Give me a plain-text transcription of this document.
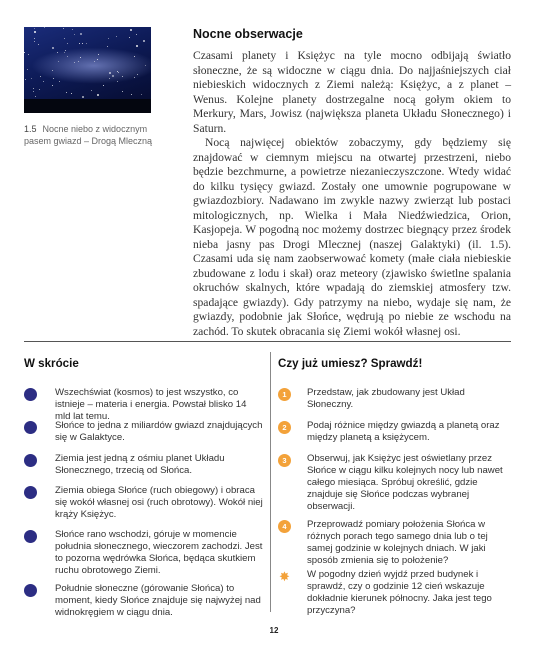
1.5 Nocne niebo z widocznym pasem gwiazd – Drogą Mleczną
Nocne obserwacje

Czasami planety i Księżyc na tyle mocno odbijają światło słoneczne, że są widoczne w ciągu dnia. Do najjaśniejszych ciał niebieskich widocznych z Ziemi należą: Księżyc, a z planet – Wenus. Kolejne planety dostrzegalne nocą gołym okiem to Merkury, Mars, Jowisz (największa planeta Układu Słonecznego) i Saturn.

Nocą najwięcej obiektów zobaczymy, gdy będziemy się znajdować w ciemnym miejscu na otwartej przestrzeni, niebo będzie bezchmurne, a powietrze niezanieczyszczone. Wtedy widać do kilku tysięcy gwiazd. Zostały one umownie pogrupowane w gwiazdozbiory. Nadawano im zwykle nazwy zwierząt lub postaci mitologicznych, np. Wielka i Mała Niedźwiedzica, Orion, Kasjopeja. W pogodną noc możemy dostrzec biegnący przez środek nieba jasny pas Drogi Mlecznej (naszej Galaktyki) (il. 1.5). Czasami uda się nam zaobserwować komety (małe ciała niebieskie zbudowane z lodu i skał) oraz meteory (zjawisko świetlne spalania okruchów skalnych, które wpadają do ziemskiej atmosfery tzw. spadające gwiazdy). Gdy patrzymy na niebo, wydaje się nam, że gwiazdy, podobnie jak Słońce, wędrują po niebie ze wschodu na zachód. To skutek obracania się Ziemi wokół własnej osi.

W skrócie
Wszechświat (kosmos) to jest wszystko, co istnieje – materia i energia. Powstał blisko 14 mld lat temu.
Słońce to jedna z miliardów gwiazd znajdujących się w Galaktyce.
Ziemia jest jedną z ośmiu planet Układu Słonecznego, trzecią od Słońca.
Ziemia obiega Słońce (ruch obiegowy) i obraca się wokół własnej osi (ruch obrotowy). Wokół niej krąży Księżyc.
Słońce rano wschodzi, góruje w momencie południa słonecznego, wieczorem zachodzi. Jest to pozorna wędrówka Słońca, będąca skutkiem ruchu obrotowego Ziemi.
Południe słoneczne (górowanie Słońca) to moment, kiedy Słońce znajduje się najwyżej nad widnokręgiem w ciągu dnia.
Czy już umiesz? Sprawdź!
1	Przedstaw, jak zbudowany jest Układ Słoneczny.
2	Podaj różnice między gwiazdą a planetą oraz między planetą a księżycem.
3	Obserwuj, jak Księżyc jest oświetlany przez Słońce w ciągu kilku kolejnych nocy lub nawet całego miesiąca. Spróbuj określić, gdzie znajduje się Słońce podczas wybranej obserwacji.
4	Przeprowadź pomiary położenia Słońca w różnych porach tego samego dnia lub o tej samej godzinie w kolejnych dniach. W jaki sposób zmienia się to położenie?
✸ W pogodny dzień wyjdź przed budynek i sprawdź, czy o godzinie 12 cień wskazuje dokładnie kierunek północny. Jaka jest tego przyczyna?
12
